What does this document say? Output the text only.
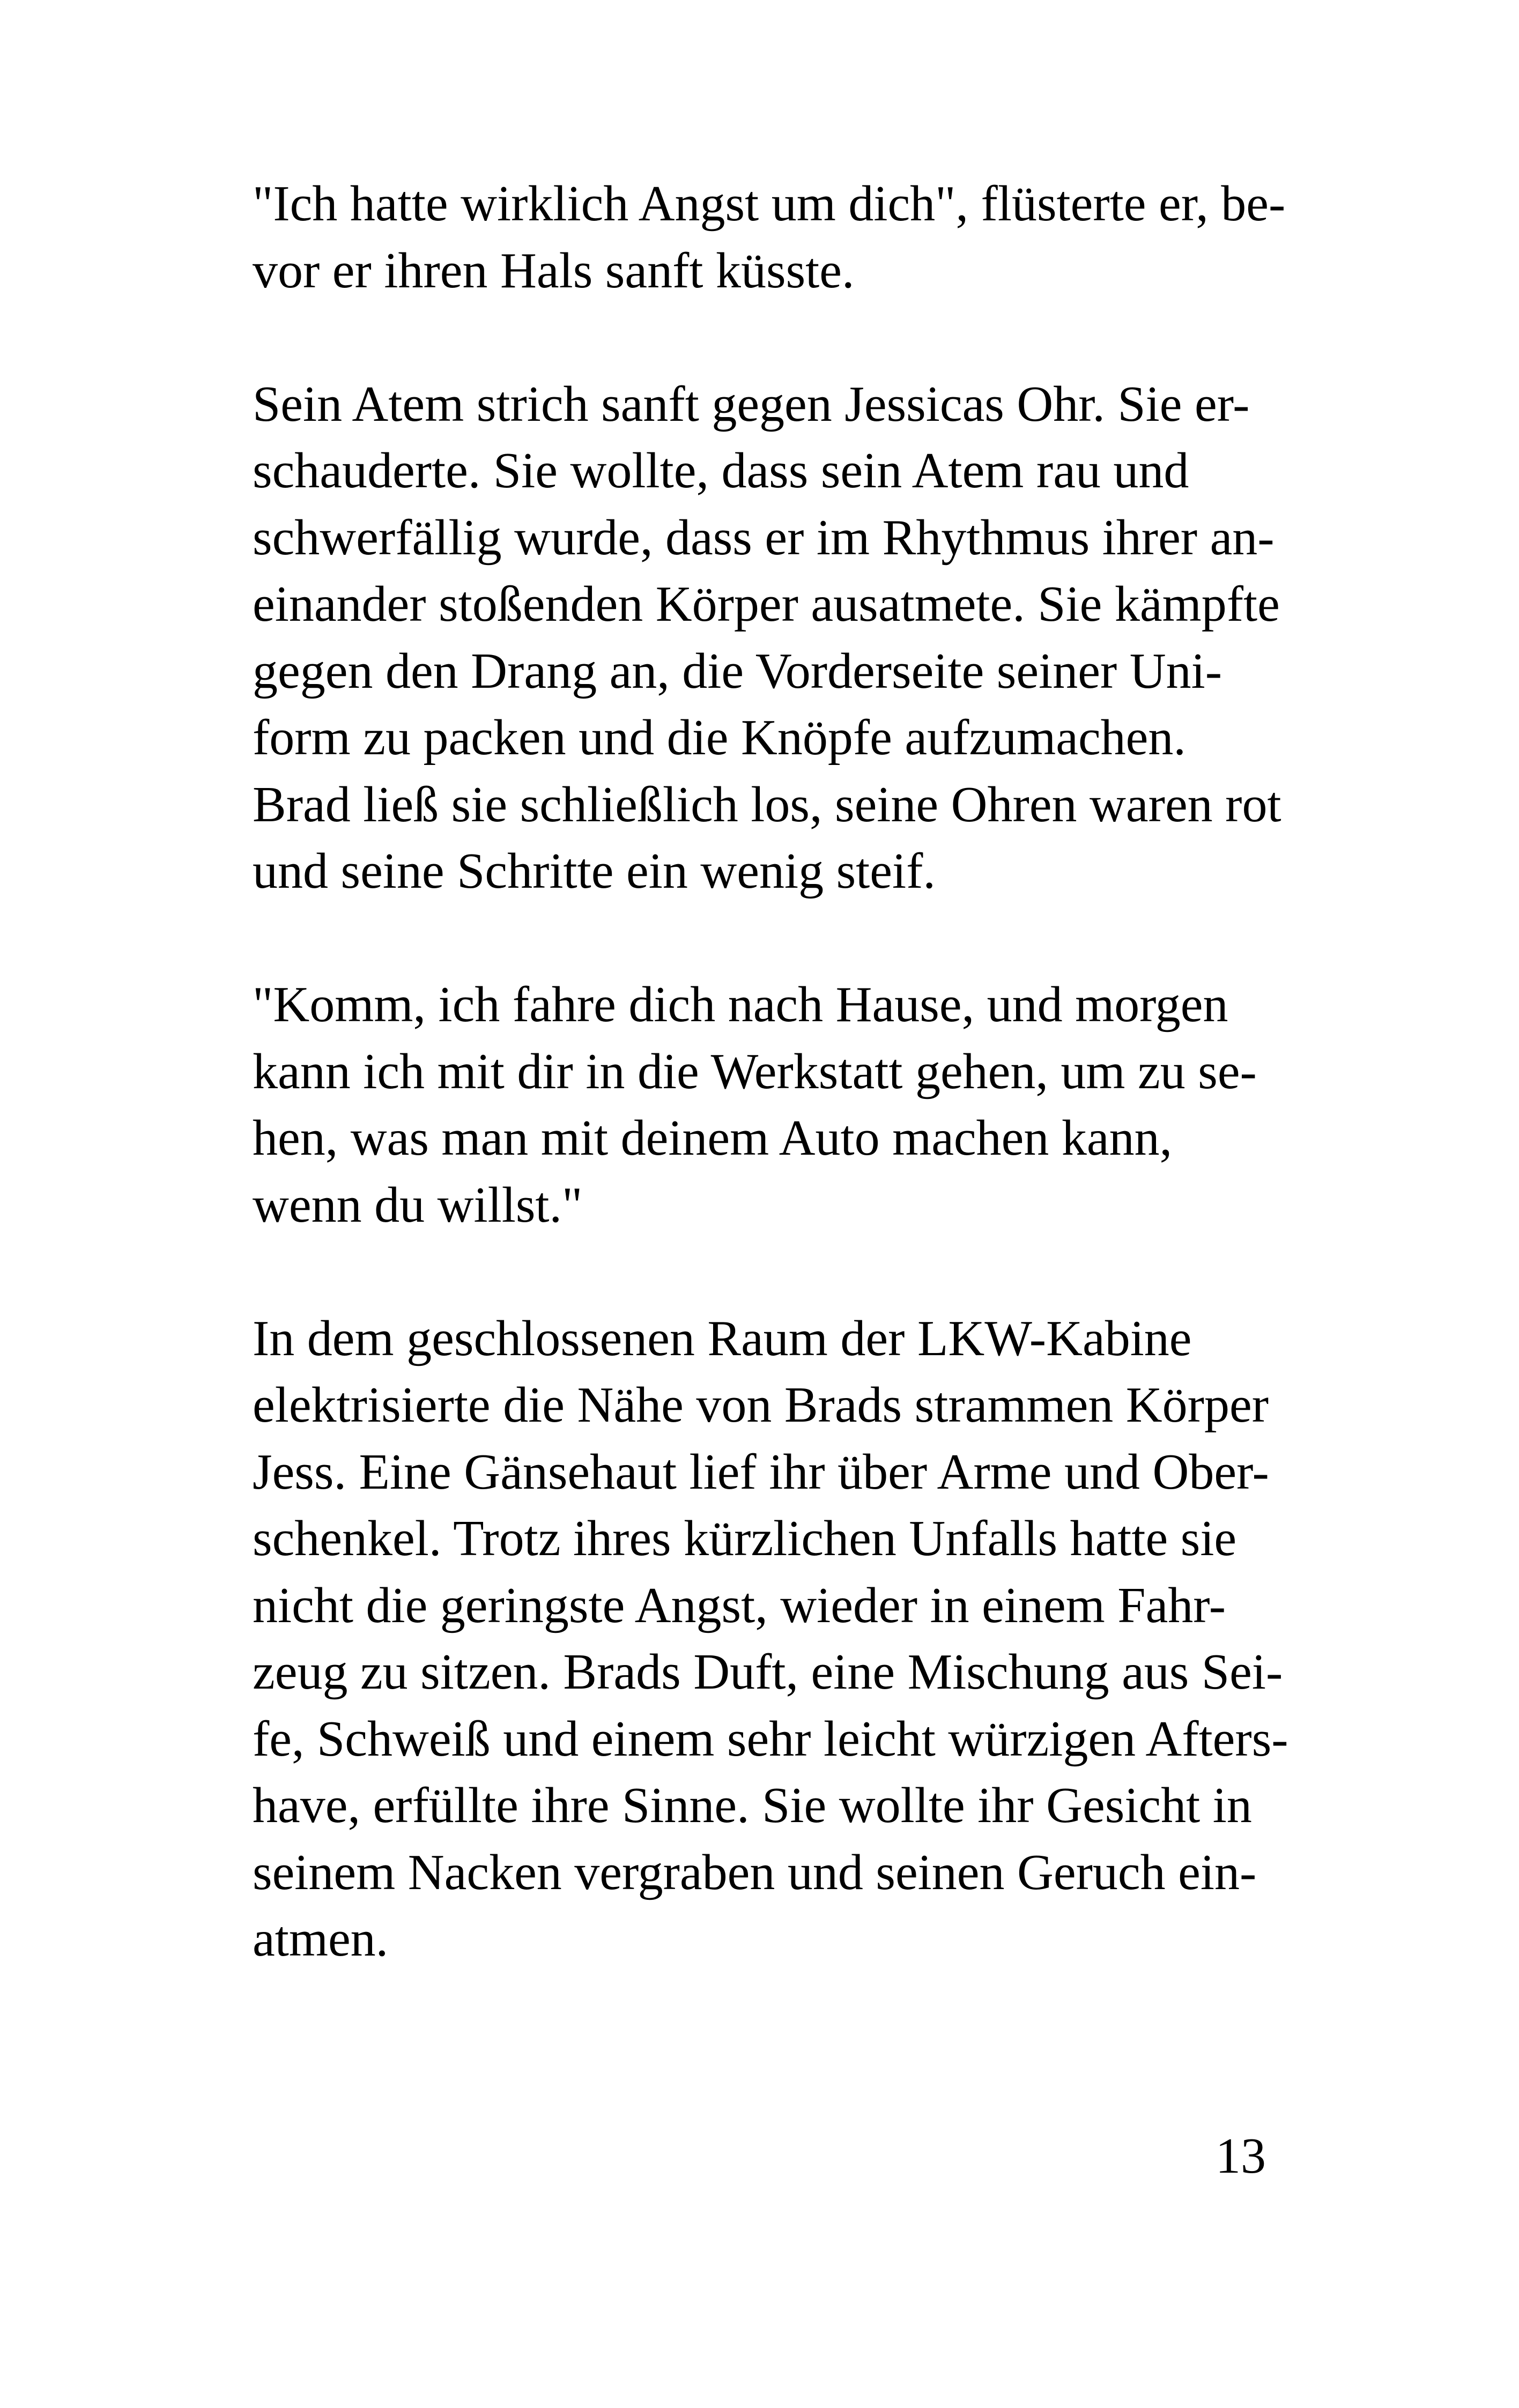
"Ich hatte wirklich Angst um dich", flüsterte er, be-
vor er ihren Hals sanft küsste.

Sein Atem strich sanft gegen Jessicas Ohr. Sie er-
schauderte. Sie wollte, dass sein Atem rau und
schwerfällig wurde, dass er im Rhythmus ihrer an-
einander stoßenden Körper ausatmete. Sie kämpfte
gegen den Drang an, die Vorderseite seiner Uni-
form zu packen und die Knöpfe aufzumachen.
Brad ließ sie schließlich los, seine Ohren waren rot
und seine Schritte ein wenig steif.

"Komm, ich fahre dich nach Hause, und morgen
kann ich mit dir in die Werkstatt gehen, um zu se-
hen, was man mit deinem Auto machen kann,
wenn du willst."

In dem geschlossenen Raum der LKW-Kabine
elektrisierte die Nähe von Brads strammen Körper
Jess. Eine Gänsehaut lief ihr über Arme und Ober-
schenkel. Trotz ihres kürzlichen Unfalls hatte sie
nicht die geringste Angst, wieder in einem Fahr-
zeug zu sitzen. Brads Duft, eine Mischung aus Sei-
fe, Schweiß und einem sehr leicht würzigen Afters-
have, erfüllte ihre Sinne. Sie wollte ihr Gesicht in
seinem Nacken vergraben und seinen Geruch ein-
atmen.

13
